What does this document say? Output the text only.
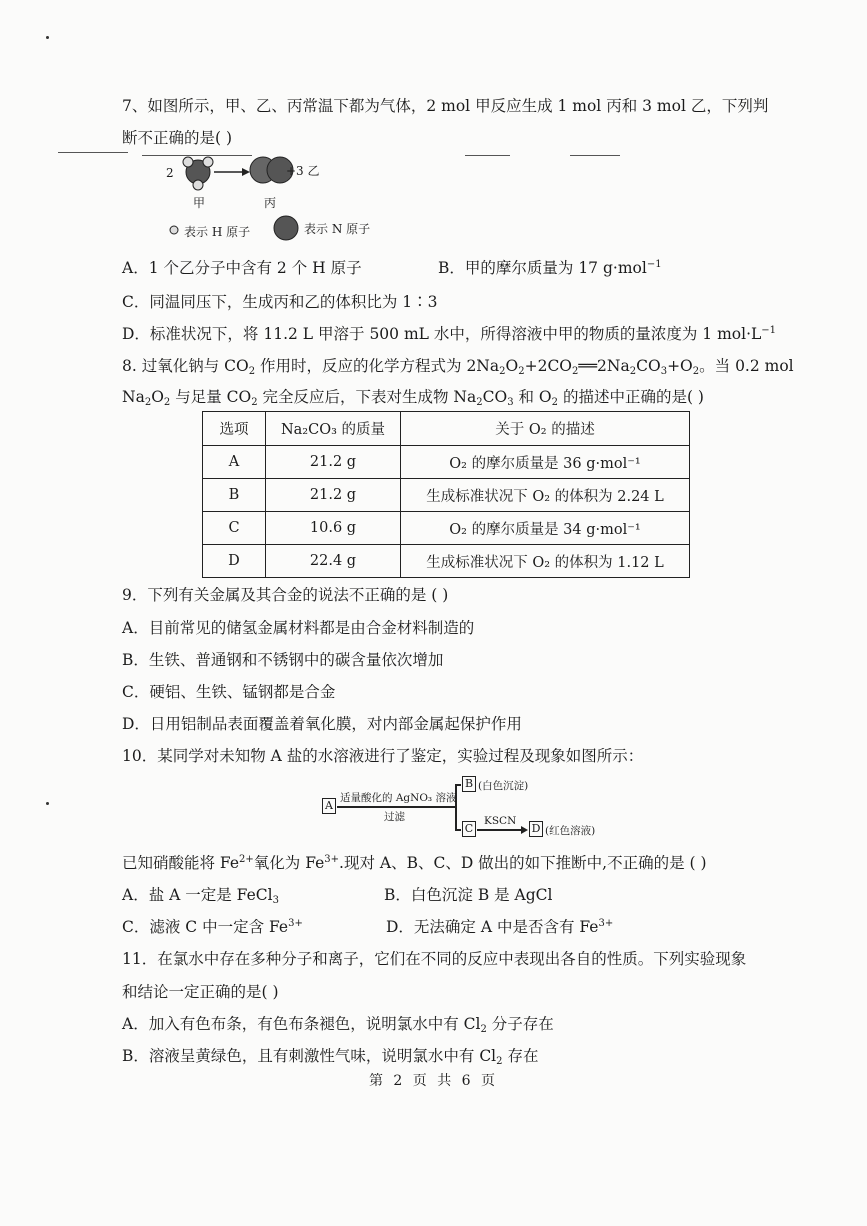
7、如图所示，甲、乙、丙常温下都为气体，2 mol 甲反应生成 1 mol 丙和 3 mol 乙，下列判
断不正确的是( )
2	+3 乙
甲	丙
表示 H 原子	表示 N 原子
A．1 个乙分子中含有 2 个 H 原子	B．甲的摩尔质量为 17 g·mol$^{-1}$
C．同温同压下，生成丙和乙的体积比为 1∶3
D．标准状况下，将 11.2 L 甲溶于 500 mL 水中，所得溶液中甲的物质的量浓度为 1 $mol\cdot L^{-1}$
8. 过氧化钠与 $CO_2$ 作用时，反应的化学方程式为 $2Na_2O_2+2CO_2══2Na_2CO_3+O_2$。当 0.2 mol
$Na_2O_2$ 与足量 $CO_2$ 完全反应后，下表对生成物 $Na_2CO_3$ 和 $O_2$ 的描述中正确的是( )
选项	Na₂CO₃ 的质量	关于 O₂ 的描述
A	21.2 g	O₂ 的摩尔质量是 36 g·mol⁻¹
B	21.2 g	生成标准状况下 O₂ 的体积为 2.24 L
C	10.6 g	O₂ 的摩尔质量是 34 g·mol⁻¹
D	22.4 g	生成标准状况下 O₂ 的体积为 1.12 L
9．下列有关金属及其合金的说法不正确的是 ( )
A．目前常见的储氢金属材料都是由合金材料制造的
B．生铁、普通钢和不锈钢中的碳含量依次增加
C．硬铝、生铁、锰钢都是合金
D．日用铝制品表面覆盖着氧化膜，对内部金属起保护作用
10．某同学对未知物 A 盐的水溶液进行了鉴定，实验过程及现象如图所示：
A
适量酸化的 AgNO₃ 溶液
过滤
B (白色沉淀)
C
KSCN
D (红色溶液)
已知硝酸能将 $Fe^{2+}$氧化为 $Fe^{3+}$.现对 A、B、C、D 做出的如下推断中,不正确的是 ( )
A．盐 A 一定是 FeCl$_3$	B．白色沉淀 B 是 AgCl
C．滤液 C 中一定含 $Fe^{3+}$	D．无法确定 A 中是否含有 $Fe^{3+}$
11．在氯水中存在多种分子和离子，它们在不同的反应中表现出各自的性质。下列实验现象
和结论一定正确的是( )
A．加入有色布条，有色布条褪色，说明氯水中有 $Cl_2$ 分子存在
B．溶液呈黄绿色，且有刺激性气味，说明氯水中有 $Cl_2$ 存在
第 2 页 共 6 页
